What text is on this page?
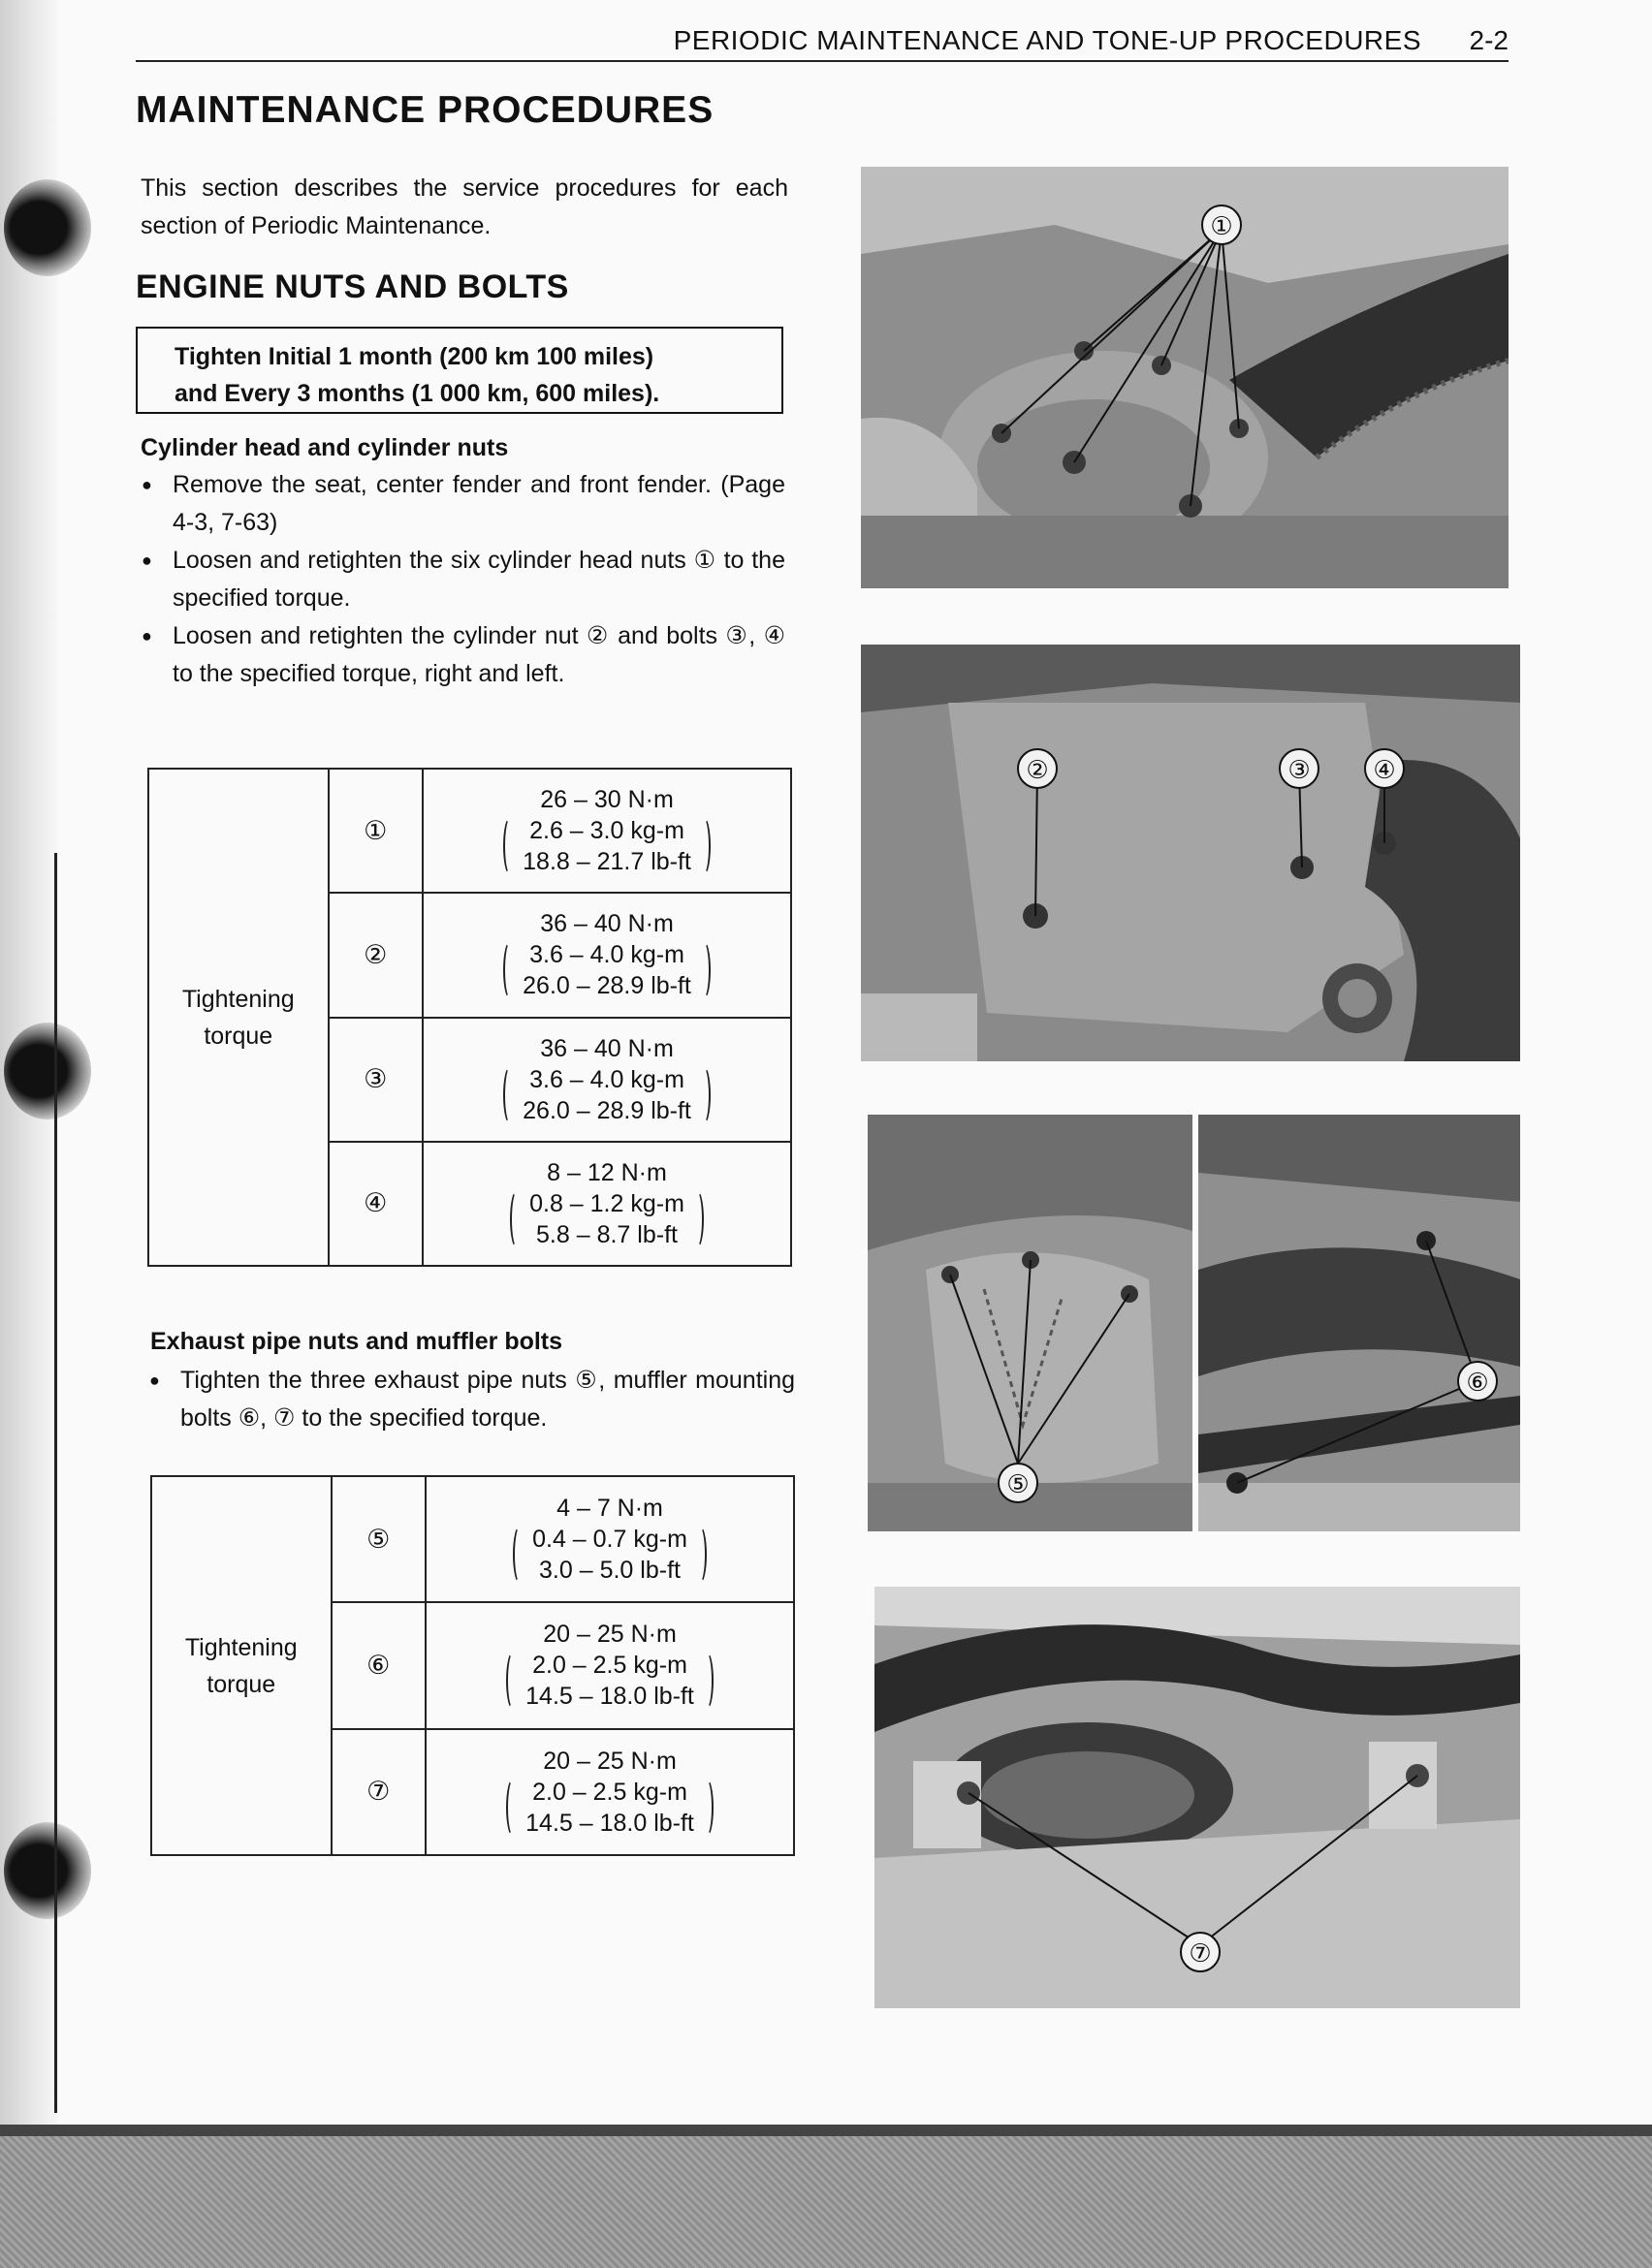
PERIODIC MAINTENANCE AND TONE-UP PROCEDURES 2-2
MAINTENANCE PROCEDURES
This section describes the service procedures for each section of Periodic Maintenance.
ENGINE NUTS AND BOLTS
Tighten Initial 1 month (200 km 100 miles)
and Every 3 months (1 000 km, 600 miles).
Cylinder head and cylinder nuts
● Remove the seat, center fender and front fender. (Page 4-3, 7-63)
● Loosen and retighten the six cylinder head nuts ① to the specified torque.
● Loosen and retighten the cylinder nut ② and bolts ③, ④ to the specified torque, right and left.
Tightening
torque	①	26 – 30 N·m
2.6 – 3.0 kg-m
18.8 – 21.7 lb-ft

	②	36 – 40 N·m
3.6 – 4.0 kg-m
26.0 – 28.9 lb-ft

	③	36 – 40 N·m
3.6 – 4.0 kg-m
26.0 – 28.9 lb-ft

	④	8 – 12 N·m
0.8 – 1.2 kg-m
5.8 – 8.7 lb-ft
Exhaust pipe nuts and muffler bolts
● Tighten the three exhaust pipe nuts ⑤, muffler mounting bolts ⑥, ⑦ to the specified torque.
Tightening
torque	⑤	4 – 7 N·m
0.4 – 0.7 kg-m
3.0 – 5.0 lb-ft

	⑥	20 – 25 N·m
2.0 – 2.5 kg-m
14.5 – 18.0 lb-ft

	⑦	20 – 25 N·m
2.0 – 2.5 kg-m
14.5 – 18.0 lb-ft
①
②	③ ④
⑤
⑥
⑦
